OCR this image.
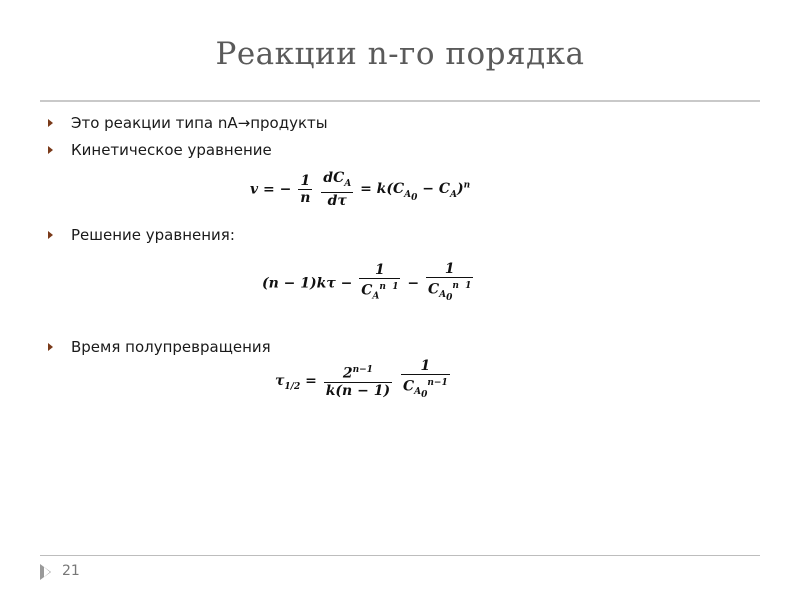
Реакции n-го порядка
Это реакции типа nA→продукты
Кинетическое уравнение
v = − $\frac{1}{n}$
$\frac{dC_A}{d\tau} = k(C_{A_0} - C_A)^n$
Решение уравнения:
$(n - 1)k\tau - \frac{1}{C_A^{n 1}} - \frac{1}{C_{A_0}^{n 1}}$
Время полупревращения
$\tau_{1/2} = \frac{2^{n-1}}{k(n - 1)}$
$\frac{1}{C_{A_0}^{n-1}}$
21
